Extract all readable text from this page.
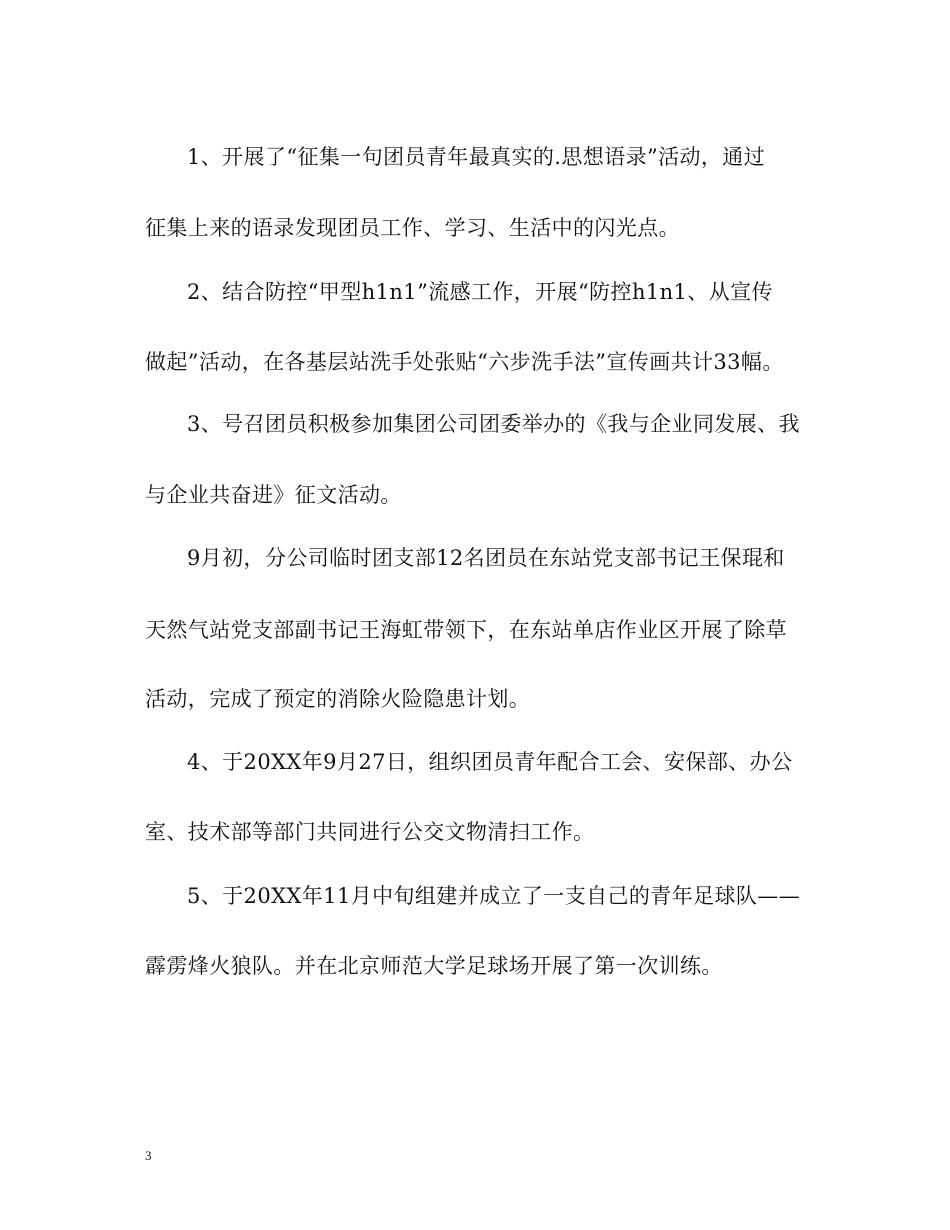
1、开展了“征集一句团员青年最真实的.思想语录”活动，通过
征集上来的语录发现团员工作、学习、生活中的闪光点。
2、结合防控“甲型h1n1”流感工作，开展“防控h1n1、从宣传
做起”活动，在各基层站洗手处张贴“六步洗手法”宣传画共计33幅。
3、号召团员积极参加集团公司团委举办的《我与企业同发展、我
与企业共奋进》征文活动。
9月初，分公司临时团支部12名团员在东站党支部书记王保琨和
天然气站党支部副书记王海虹带领下，在东站单店作业区开展了除草
活动，完成了预定的消除火险隐患计划。
4、于20XX年9月27日，组织团员青年配合工会、安保部、办公
室、技术部等部门共同进行公交文物清扫工作。
5、于20XX年11月中旬组建并成立了一支自己的青年足球队——
霹雳烽火狼队。并在北京师范大学足球场开展了第一次训练。
3
